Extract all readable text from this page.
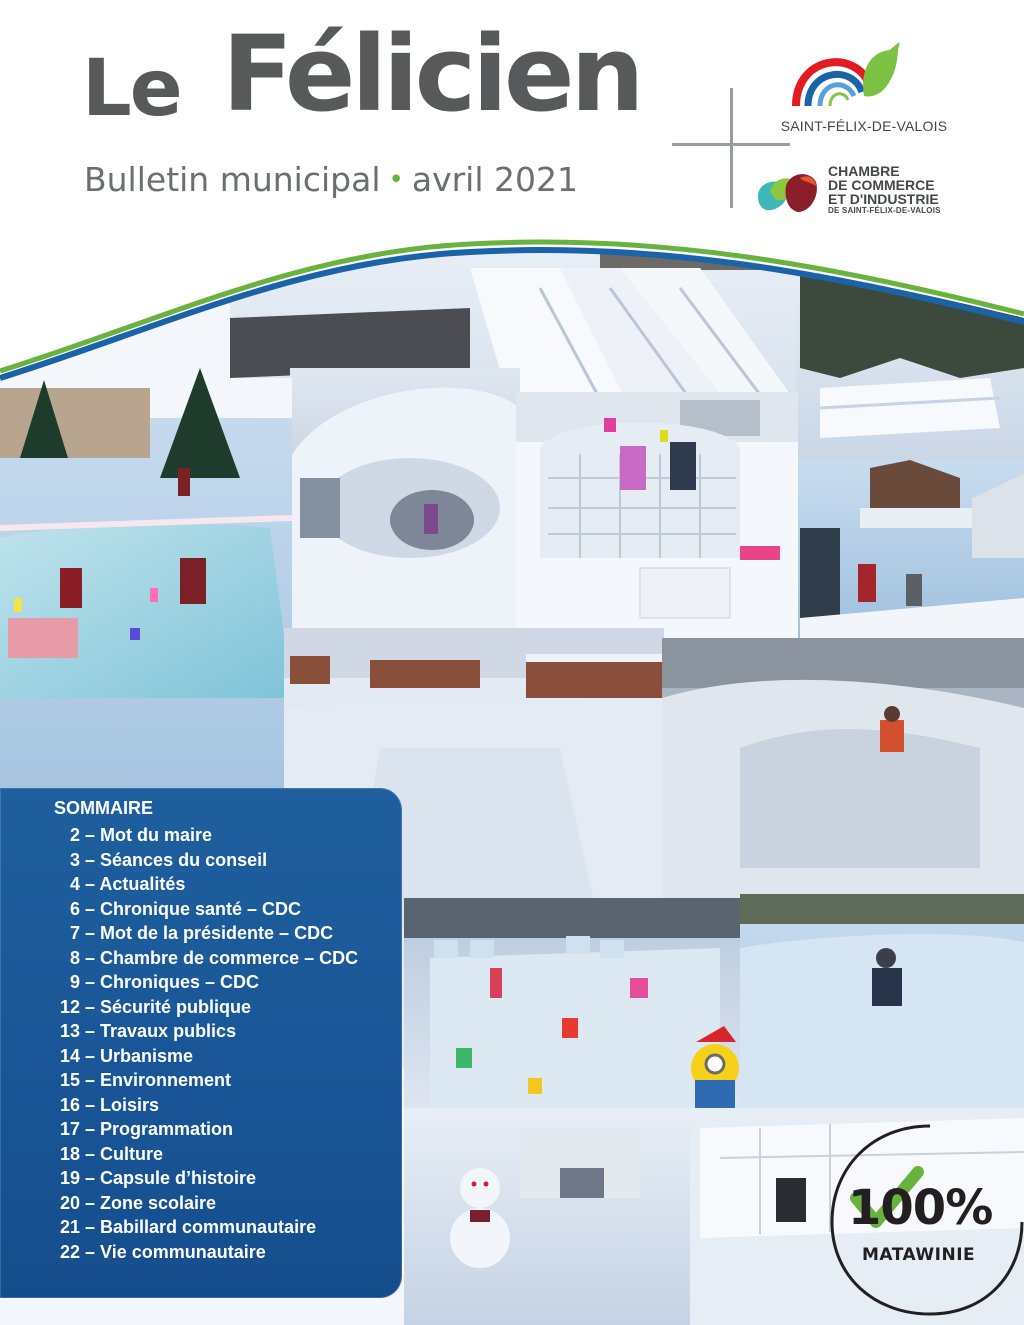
Le Félicien
Bulletin municipal • avril 2021
SAINT-FÉLIX-DE-VALOIS
CHAMBRE
DE COMMERCE
ET D'INDUSTRIE
DE SAINT-FÉLIX-DE-VALOIS
SOMMAIRE
2 – Mot du maire
3 – Séances du conseil
4 – Actualités
6 – Chronique santé – CDC
7 – Mot de la présidente – CDC
8 – Chambre de commerce – CDC
9 – Chroniques – CDC
12 – Sécurité publique
13 – Travaux publics
14 – Urbanisme
15 – Environnement
16 – Loisirs
17 – Programmation
18 – Culture
19 – Capsule d’histoire
20 – Zone scolaire
21 – Babillard communautaire
22 – Vie communautaire
100%
MATAWINIE
